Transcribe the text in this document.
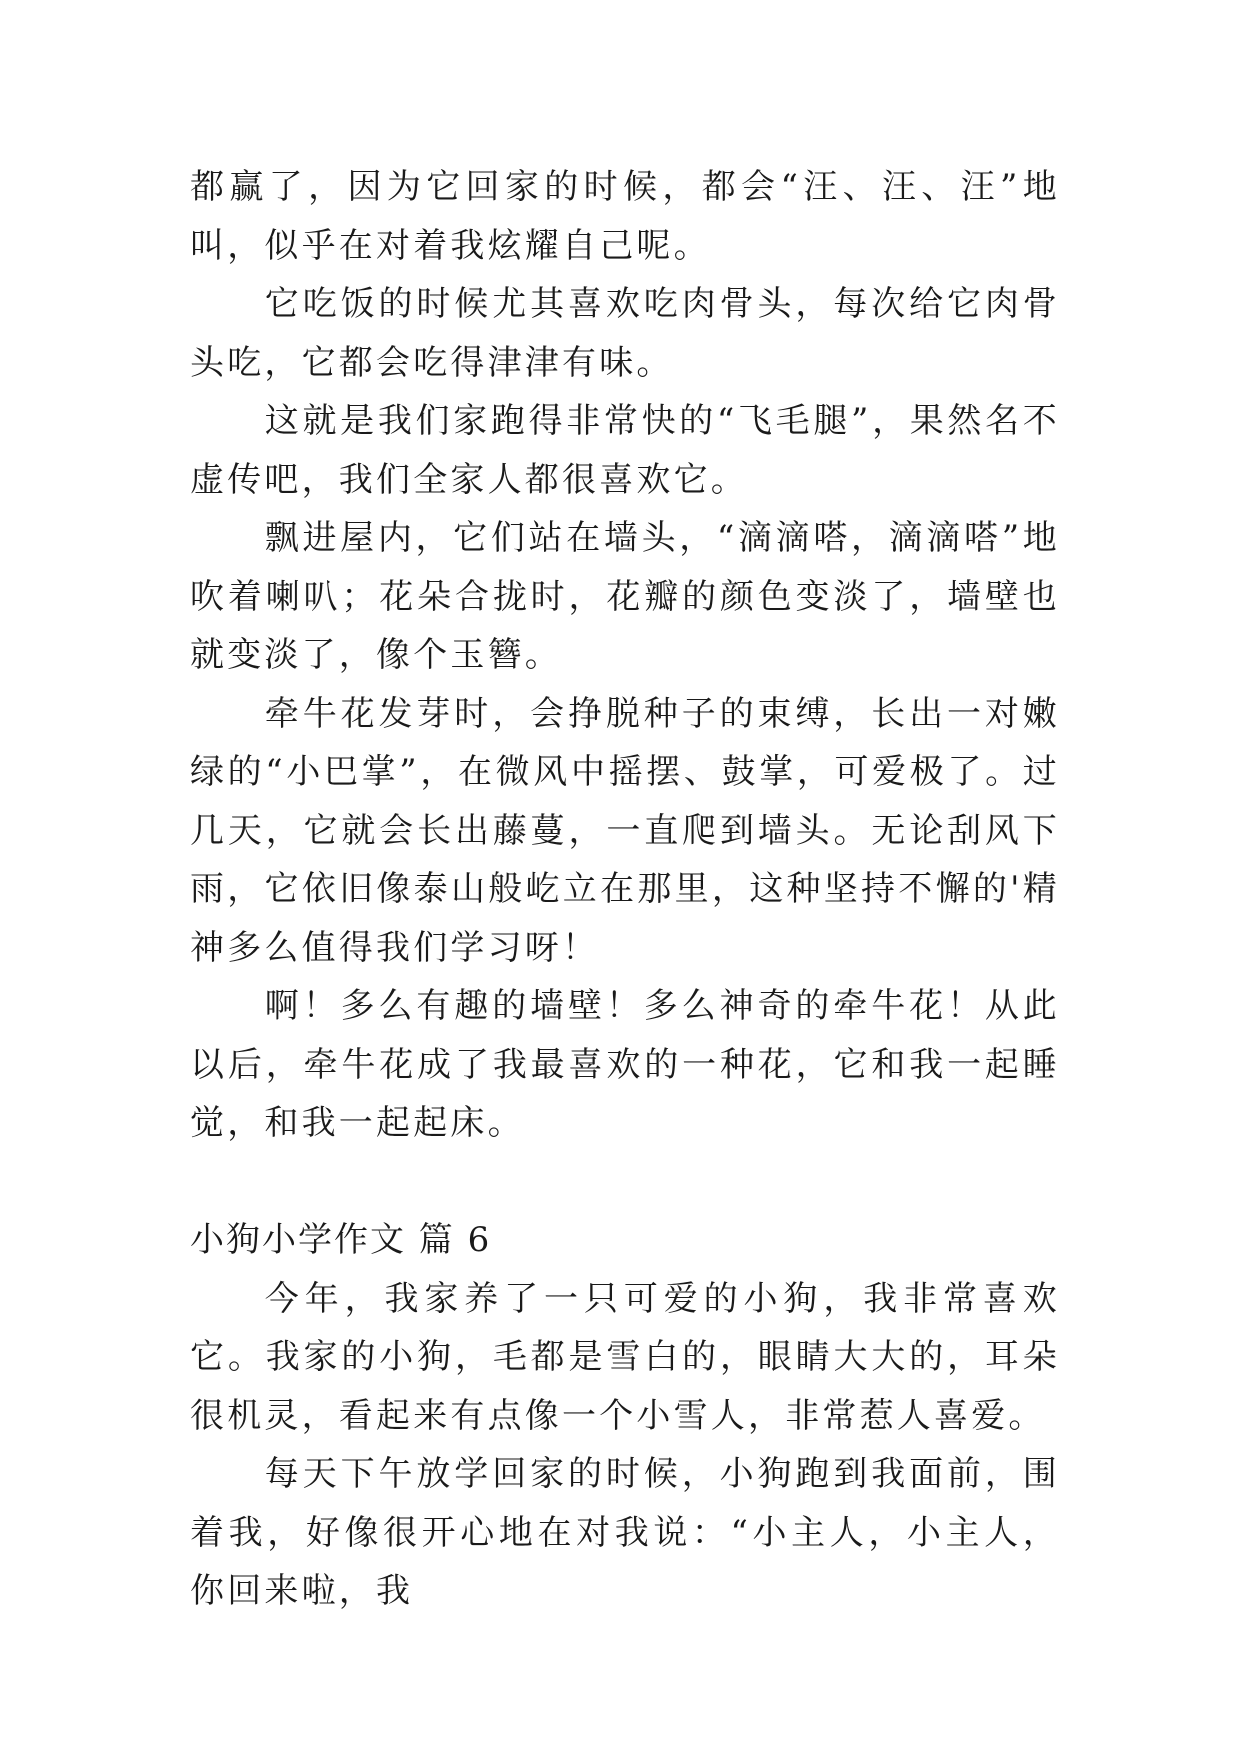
都赢了，因为它回家的时候，都会“汪、汪、汪”地叫，似乎在对着我炫耀自己呢。

它吃饭的时候尤其喜欢吃肉骨头，每次给它肉骨头吃，它都会吃得津津有味。

这就是我们家跑得非常快的“飞毛腿”，果然名不虚传吧，我们全家人都很喜欢它。

飘进屋内，它们站在墙头，“滴滴嗒，滴滴嗒”地吹着喇叭；花朵合拢时，花瓣的颜色变淡了，墙壁也就变淡了，像个玉簪。

牵牛花发芽时，会挣脱种子的束缚，长出一对嫩绿的“小巴掌”，在微风中摇摆、鼓掌，可爱极了。过几天，它就会长出藤蔓，一直爬到墙头。无论刮风下雨，它依旧像泰山般屹立在那里，这种坚持不懈的'精神多么值得我们学习呀！

啊！多么有趣的墙壁！多么神奇的牵牛花！从此以后，牵牛花成了我最喜欢的一种花，它和我一起睡觉，和我一起起床。

小狗小学作文 篇 6

今年，我家养了一只可爱的小狗，我非常喜欢它。我家的小狗，毛都是雪白的，眼睛大大的，耳朵很机灵，看起来有点像一个小雪人，非常惹人喜爱。

每天下午放学回家的时候，小狗跑到我面前，围着我，好像很开心地在对我说：“小主人，小主人，你回来啦，我
